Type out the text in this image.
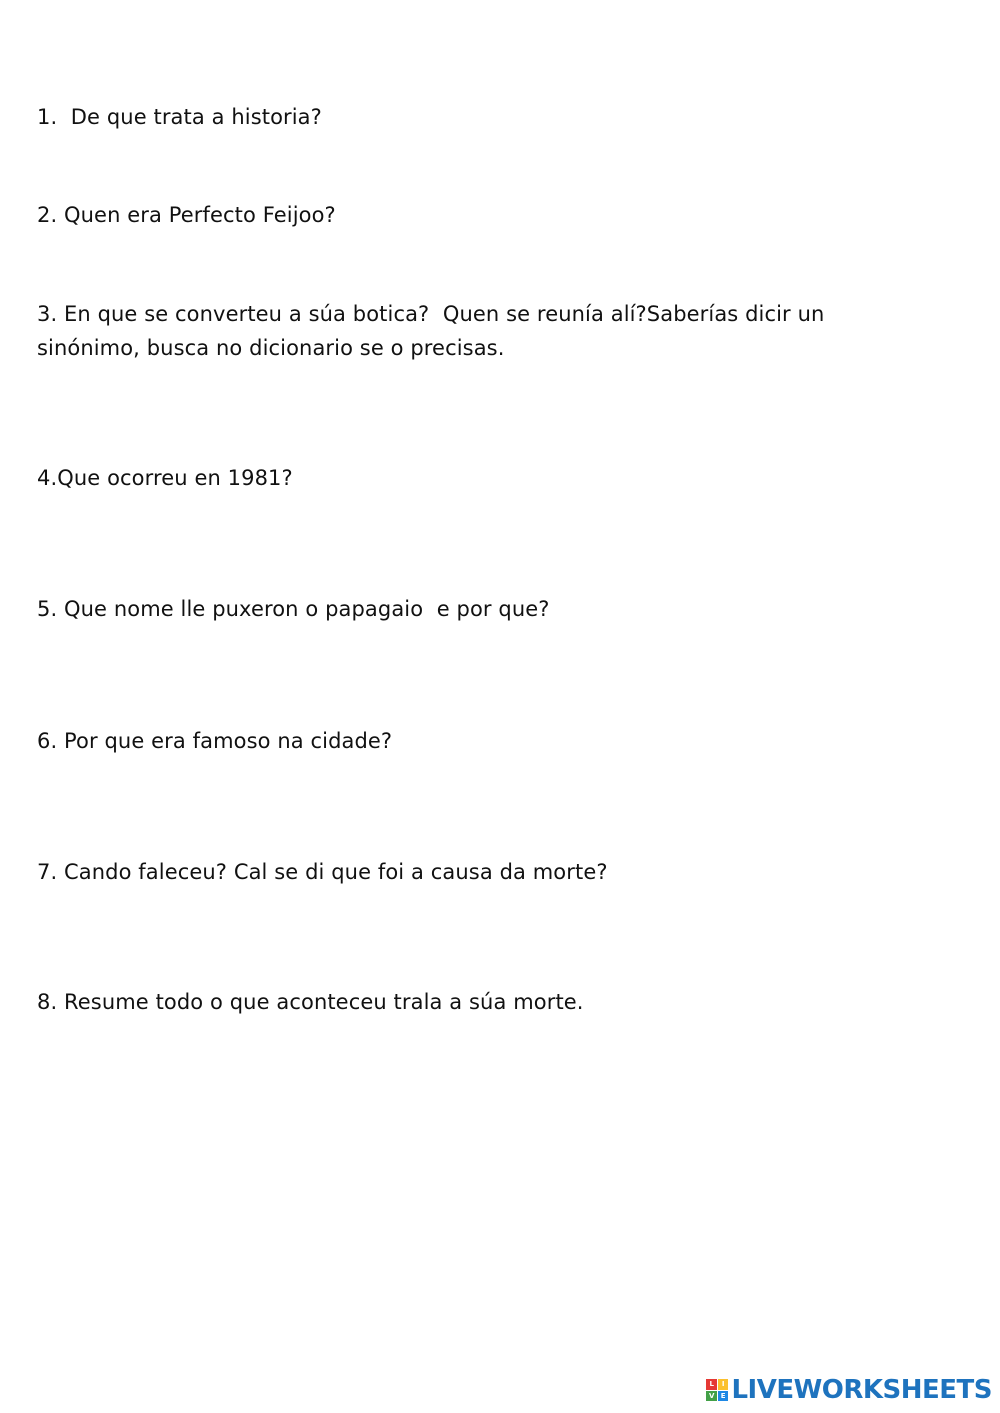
1.  De que trata a historia?
2. Quen era Perfecto Feijoo?
3. En que se converteu a súa botica?  Quen se reunía alí?Saberías dicir un
sinónimo, busca no dicionario se o precisas.
4.Que ocorreu en 1981?
5. Que nome lle puxeron o papagaio  e por que?
6. Por que era famoso na cidade?
7. Cando faleceu? Cal se di que foi a causa da morte?
8. Resume todo o que aconteceu trala a súa morte.
L	I
V E LIVEWORKSHEETS
